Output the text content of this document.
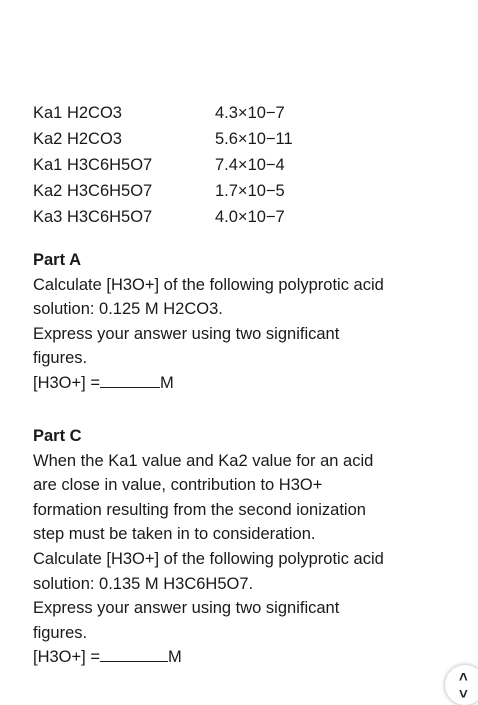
Ka1 H2CO3	4.3×10−7
Ka2 H2CO3	5.6×10−11
Ka1 H3C6H5O7	7.4×10−4
Ka2 H3C6H5O7	1.7×10−5
Ka3 H3C6H5O7	4.0×10−7

Part A

Calculate [H3O+] of the following polyprotic acid

solution: 0.125 M H2CO3.

Express your answer using two significant

figures.

[H3O+] =	M

Part C

When the Ka1 value and Ka2 value for an acid

are close in value, contribution to H3O+

formation resulting from the second ionization

step must be taken in to consideration.

Calculate [H3O+] of the following polyprotic acid

solution: 0.135 M H3C6H5O7.

Express your answer using two significant

figures.

[H3O+] =	M

˄
˅
